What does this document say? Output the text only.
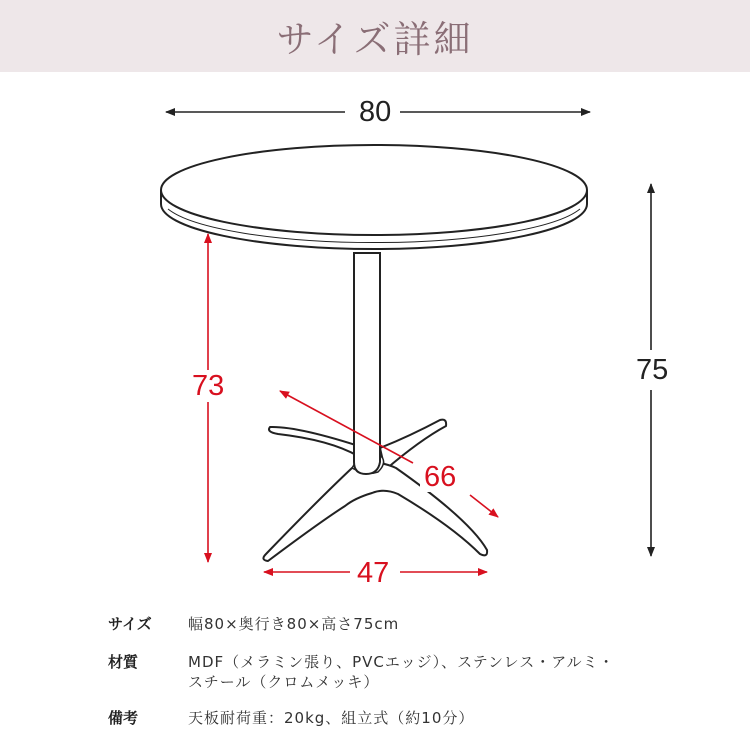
サイズ詳細
80
75
73
66
47
サイズ	幅80×奥行き80×高さ75cm
材質	MDF（メラミン張り、PVCエッジ）、ステンレス・アルミ・
スチール（クロムメッキ）
備考	天板耐荷重：20kg、組立式（約10分）
